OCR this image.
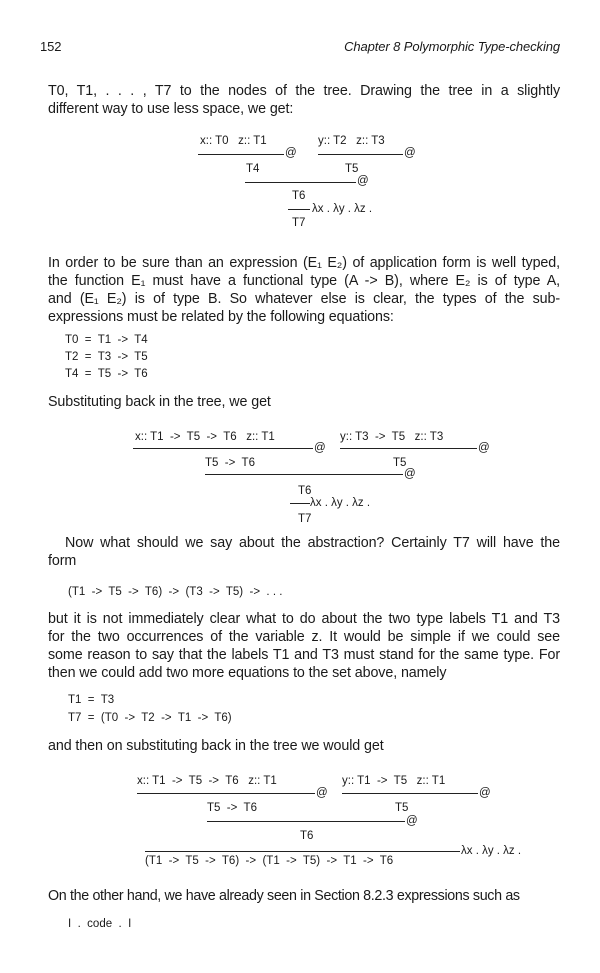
152	Chapter 8 Polymorphic Type-checking
T0, T1, . . . , T7 to the nodes of the tree. Drawing the tree in a slightly
different way to use less space, we get:
x:: T0   z:: T1
@
y:: T2   z:: T3
@
T4	T5
@
T6
λx . λy . λz .
T7
In order to be sure than an expression (E₁ E₂) of application form is well typed,
the function E₁ must have a functional type (A -> B), where E₂ is of type A,
and (E₁ E₂) is of type B. So whatever else is clear, the types of the sub-
expressions must be related by the following equations:
T0  =  T1  ->  T4
T2  =  T3  ->  T5
T4  =  T5  ->  T6
Substituting back in the tree, we get
x:: T1  ->  T5  ->  T6   z:: T1
@
y:: T3  ->  T5   z:: T3
@
T5  ->  T6	T5
@
T6
λx . λy . λz .
T7
Now what should we say about the abstraction? Certainly T7 will have the
form
(T1  ->  T5  ->  T6)  ->  (T3  ->  T5)  ->  . . .
but it is not immediately clear what to do about the two type labels T1 and T3
for the two occurrences of the variable z. It would be simple if we could see
some reason to say that the labels T1 and T3 must stand for the same type. For
then we could add two more equations to the set above, namely
T1  =  T3
T7  =  (T0  ->  T2  ->  T1  ->  T6)
and then on substituting back in the tree we would get
x:: T1  ->  T5  ->  T6   z:: T1
@
y:: T1  ->  T5   z:: T1
@
T5  ->  T6	T5
@
T6
λx . λy . λz .
(T1  ->  T5  ->  T6)  ->  (T1  ->  T5)  ->  T1  ->  T6
On the other hand, we have already seen in Section 8.2.3 expressions such as
I  .  code  .  I
